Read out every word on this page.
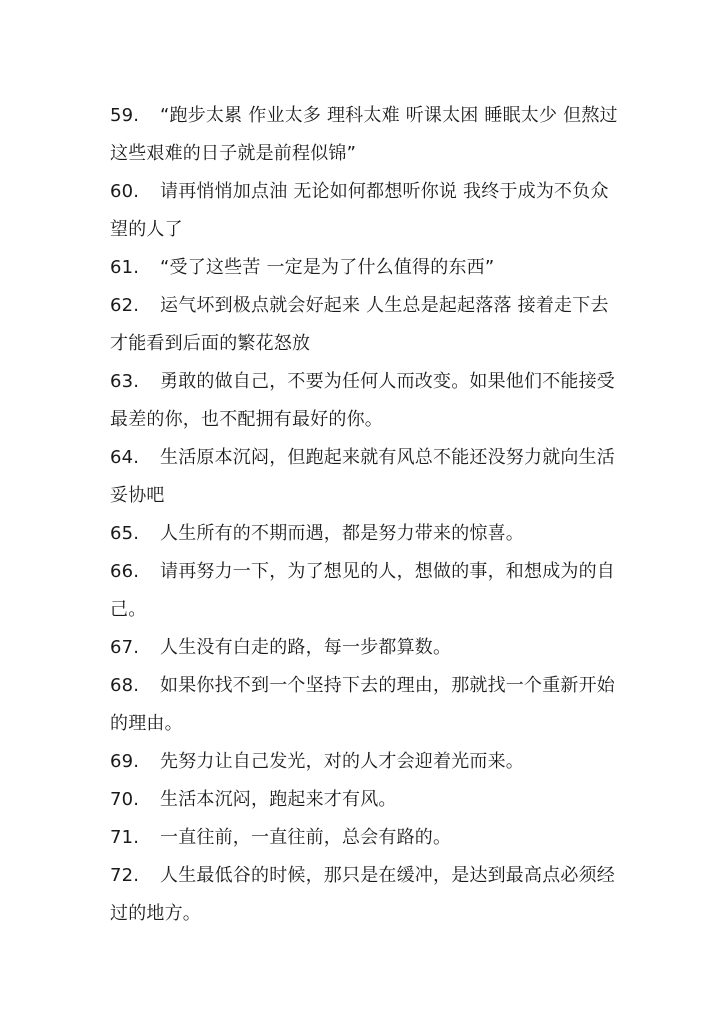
59. “跑步太累 作业太多 理科太难 听课太困 睡眠太少 但熬过这些艰难的日子就是前程似锦”

60. 请再悄悄加点油 无论如何都想听你说 我终于成为不负众望的人了

61. “受了这些苦 一定是为了什么值得的东西”

62. 运气坏到极点就会好起来 人生总是起起落落 接着走下去才能看到后面的繁花怒放

63. 勇敢的做自己，不要为任何人而改变。如果他们不能接受最差的你，也不配拥有最好的你。

64. 生活原本沉闷，但跑起来就有风总不能还没努力就向生活妥协吧

65. 人生所有的不期而遇，都是努力带来的惊喜。

66. 请再努力一下，为了想见的人，想做的事，和想成为的自己。

67. 人生没有白走的路，每一步都算数。

68. 如果你找不到一个坚持下去的理由，那就找一个重新开始的理由。

69. 先努力让自己发光，对的人才会迎着光而来。

70. 生活本沉闷，跑起来才有风。

71. 一直往前，一直往前，总会有路的。

72. 人生最低谷的时候，那只是在缓冲，是达到最高点必须经过的地方。
